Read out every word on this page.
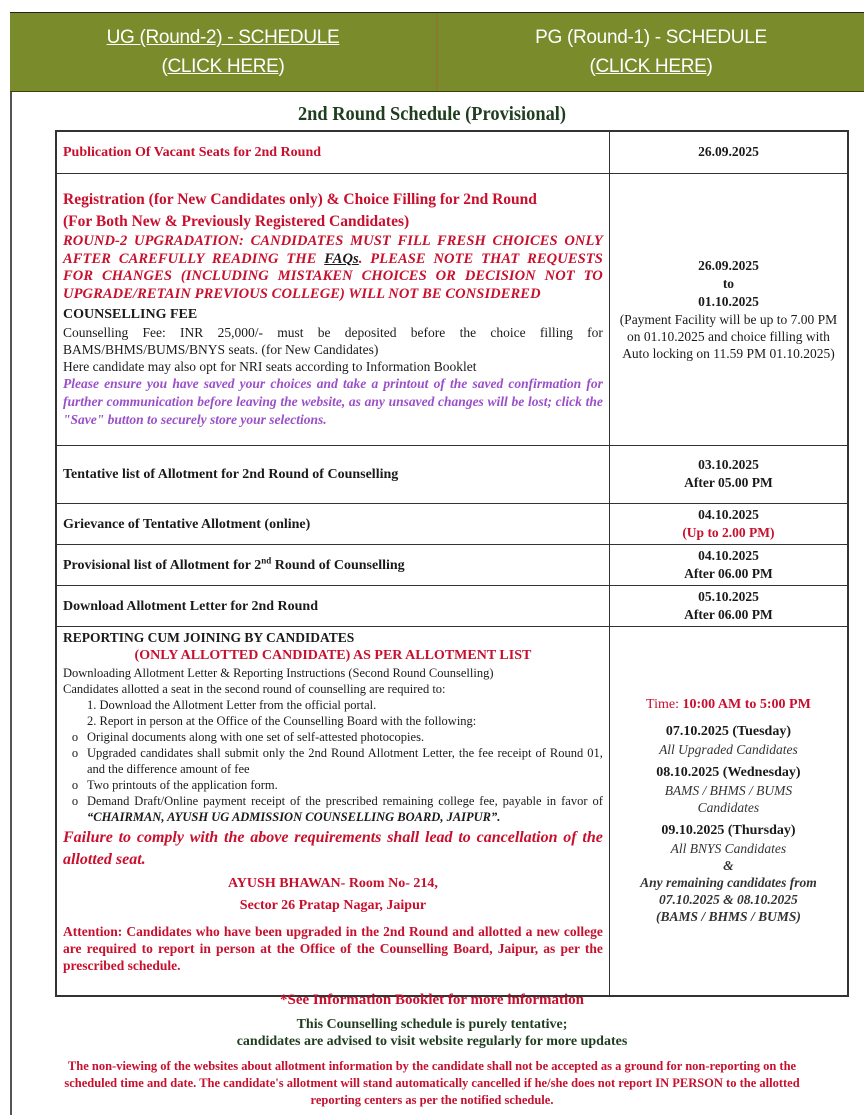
UG (Round-2) - SCHEDULE
(CLICK HERE)
PG (Round-1) - SCHEDULE
(CLICK HERE)
2nd Round Schedule (Provisional)
Publication Of Vacant Seats for 2nd Round	26.09.2025

Registration (for New Candidates only) & Choice Filling for 2nd Round
(For Both New & Previously Registered Candidates)
ROUND-2 UPGRADATION: CANDIDATES MUST FILL FRESH CHOICES ONLY AFTER CAREFULLY READING THE FAQs. PLEASE NOTE THAT REQUESTS FOR CHANGES (INCLUDING MISTAKEN CHOICES OR DECISION NOT TO UPGRADE/RETAIN PREVIOUS COLLEGE) WILL NOT BE CONSIDERED
COUNSELLING FEE
Counselling Fee: INR 25,000/- must be deposited before the choice filling for BAMS/BHMS/BUMS/BNYS seats. (for New Candidates)
Here candidate may also opt for NRI seats according to Information Booklet
Please ensure you have saved your choices and take a printout of the saved confirmation for further communication before leaving the website, as any unsaved changes will be lost; click the "Save" button to securely store your selections.

26.09.2025
to
01.10.2025
(Payment Facility will be up to 7.00 PM on 01.10.2025 and choice filling with Auto locking on 11.59 PM 01.10.2025)

Tentative list of Allotment for 2nd Round of Counselling	03.10.2025
After 05.00 PM

Grievance of Tentative Allotment (online)	04.10.2025
(Up to 2.00 PM)

Provisional list of Allotment for 2nd Round of Counselling	04.10.2025
After 06.00 PM

Download Allotment Letter for 2nd Round	05.10.2025
After 06.00 PM

REPORTING CUM JOINING BY CANDIDATES
(ONLY ALLOTTED CANDIDATE) AS PER ALLOTMENT LIST
Downloading Allotment Letter & Reporting Instructions (Second Round Counselling)
Candidates allotted a seat in the second round of counselling are required to:
1. Download the Allotment Letter from the official portal.
2. Report in person at the Office of the Counselling Board with the following:
o Original documents along with one set of self-attested photocopies.
o Upgraded candidates shall submit only the 2nd Round Allotment Letter, the fee receipt of Round 01, and the difference amount of fee
o Two printouts of the application form.
o Demand Draft/Online payment receipt of the prescribed remaining college fee, payable in favor of “CHAIRMAN, AYUSH UG ADMISSION COUNSELLING BOARD, JAIPUR”.
Failure to comply with the above requirements shall lead to cancellation of the allotted seat.
AYUSH BHAWAN- Room No- 214,
Sector 26 Pratap Nagar, Jaipur
Attention: Candidates who have been upgraded in the 2nd Round and allotted a new college are required to report in person at the Office of the Counselling Board, Jaipur, as per the prescribed schedule.

Time: 10:00 AM to 5:00 PM
07.10.2025 (Tuesday)
All Upgraded Candidates
08.10.2025 (Wednesday)
BAMS / BHMS / BUMS Candidates
09.10.2025 (Thursday)
All BNYS Candidates
&
Any remaining candidates from
07.10.2025 & 08.10.2025
(BAMS / BHMS / BUMS)
*See Information Booklet for more information
This Counselling schedule is purely tentative;
candidates are advised to visit website regularly for more updates
The non-viewing of the websites about allotment information by the candidate shall not be accepted as a ground for non-reporting on the scheduled time and date. The candidate's allotment will stand automatically cancelled if he/she does not report IN PERSON to the allotted reporting centers as per the notified schedule.
